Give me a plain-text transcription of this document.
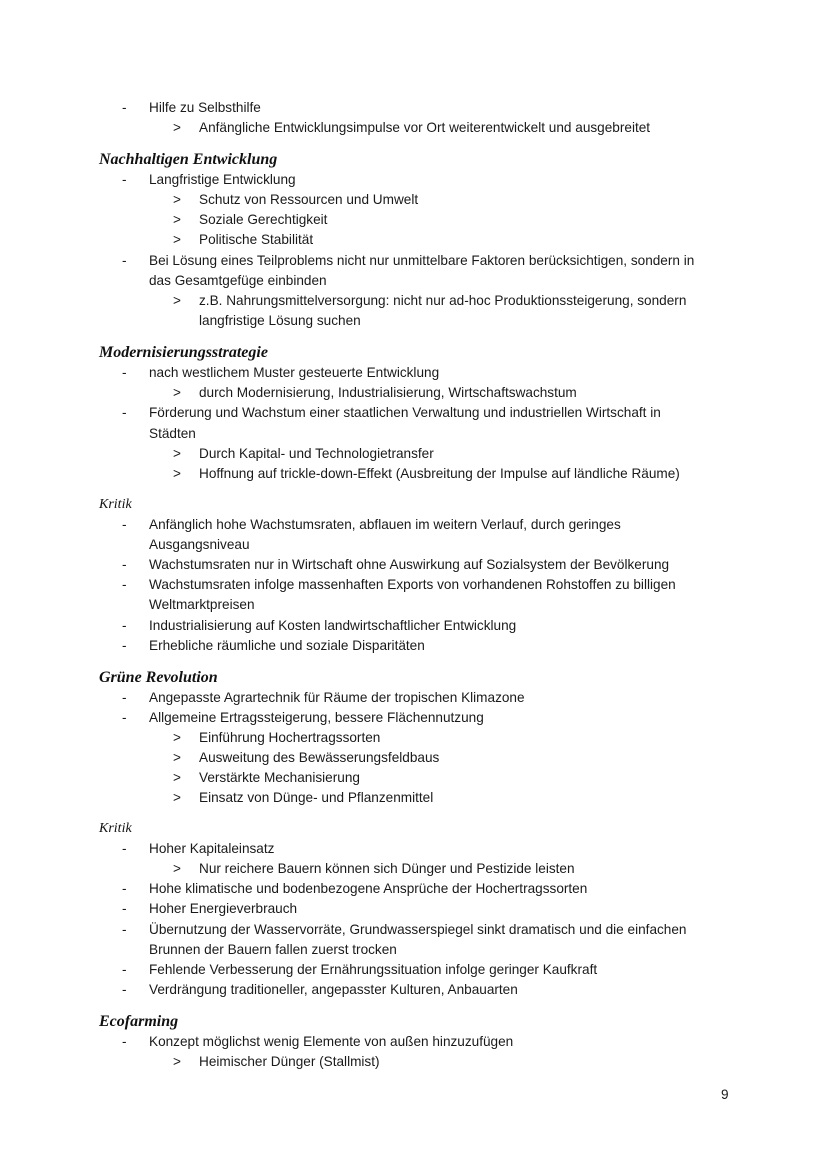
- Hilfe zu Selbsthilfe
> Anfängliche Entwicklungsimpulse vor Ort weiterentwickelt und ausgebreitet
Nachhaltigen Entwicklung
- Langfristige Entwicklung
> Schutz von Ressourcen und Umwelt
> Soziale Gerechtigkeit
> Politische Stabilität
- Bei Lösung eines Teilproblems nicht nur unmittelbare Faktoren berücksichtigen, sondern in
das Gesamtgefüge einbinden
> z.B. Nahrungsmittelversorgung: nicht nur ad-hoc Produktionssteigerung, sondern
langfristige Lösung suchen
Modernisierungsstrategie
- nach westlichem Muster gesteuerte Entwicklung
> durch Modernisierung, Industrialisierung, Wirtschaftswachstum
- Förderung und Wachstum einer staatlichen Verwaltung und industriellen Wirtschaft in
Städten
> Durch Kapital- und Technologietransfer
> Hoffnung auf trickle-down-Effekt (Ausbreitung der Impulse auf ländliche Räume)
Kritik
- Anfänglich hohe Wachstumsraten, abflauen im weitern Verlauf, durch geringes
Ausgangsniveau
- Wachstumsraten nur in Wirtschaft ohne Auswirkung auf Sozialsystem der Bevölkerung
- Wachstumsraten infolge massenhaften Exports von vorhandenen Rohstoffen zu billigen
Weltmarktpreisen
- Industrialisierung auf Kosten landwirtschaftlicher Entwicklung
- Erhebliche räumliche und soziale Disparitäten
Grüne Revolution
- Angepasste Agrartechnik für Räume der tropischen Klimazone
- Allgemeine Ertragssteigerung, bessere Flächennutzung
> Einführung Hochertragssorten
> Ausweitung des Bewässerungsfeldbaus
> Verstärkte Mechanisierung
> Einsatz von Dünge- und Pflanzenmittel
Kritik
- Hoher Kapitaleinsatz
> Nur reichere Bauern können sich Dünger und Pestizide leisten
- Hohe klimatische und bodenbezogene Ansprüche der Hochertragssorten
- Hoher Energieverbrauch
- Übernutzung der Wasservorräte, Grundwasserspiegel sinkt dramatisch und die einfachen
Brunnen der Bauern fallen zuerst trocken
- Fehlende Verbesserung der Ernährungssituation infolge geringer Kaufkraft
- Verdrängung traditioneller, angepasster Kulturen, Anbauarten
Ecofarming
- Konzept möglichst wenig Elemente von außen hinzuzufügen
> Heimischer Dünger (Stallmist)
9
